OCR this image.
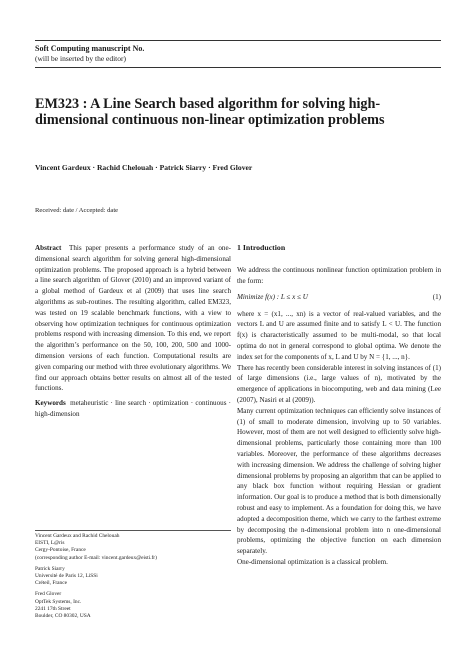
Soft Computing manuscript No.
(will be inserted by the editor)
EM323 : A Line Search based algorithm for solving high-dimensional continuous non-linear optimization problems
Vincent Gardeux · Rachid Chelouah · Patrick Siarry · Fred Glover
Received: date / Accepted: date

Abstract This paper presents a performance study of an one-dimensional search algorithm for solving general high-dimensional optimization problems. The proposed approach is a hybrid between a line search algorithm of Glover (2010) and an improved variant of a global method of Gardeux et al (2009) that uses line search algorithms as sub-routines. The resulting algorithm, called EM323, was tested on 19 scalable benchmark functions, with a view to observing how optimization techniques for continuous optimization problems respond with increasing dimension. To this end, we report the algorithm’s performance on the 50, 100, 200, 500 and 1000-dimension versions of each function. Computational results are given comparing our method with three evolutionary algorithms. We find our approach obtains better results on almost all of the tested functions.

Keywords metaheuristic · line search · optimization · continuous · high-dimension

Vincent Gardeux and Rachid Chelouah
EISTI, L@ris
Cergy-Pontoise, France
(corresponding author E-mail: vincent.gardeux@eisti.fr)
Patrick Siarry
Université de Paris 12, LiSSi
Créteil, France
Fred Glover
OptTek Systems, Inc.
2241 17th Street
Boulder, CO 80302, USA
1 Introduction

We address the continuous nonlinear function optimization problem in the form:

Minimize f(x) : L ≤ x ≤ U	(1)

where x = (x1, ..., xn) is a vector of real-valued variables, and the vectors L and U are assumed finite and to satisfy L < U. The function f(x) is characteristically assumed to be multi-modal, so that local optima do not in general correspond to global optima. We denote the index set for the components of x, L and U by N = {1, ..., n}.

There has recently been considerable interest in solving instances of (1) of large dimensions (i.e., large values of n), motivated by the emergence of applications in biocomputing, web and data mining (Lee (2007), Nasiri et al (2009)).

Many current optimization techniques can efficiently solve instances of (1) of small to moderate dimension, involving up to 50 variables. However, most of them are not well designed to efficiently solve high-dimensional problems, particularly those containing more than 100 variables. Moreover, the performance of these algorithms decreases with increasing dimension. We address the challenge of solving higher dimensional problems by proposing an algorithm that can be applied to any black box function without requiring Hessian or gradient information. Our goal is to produce a method that is both dimensionally robust and easy to implement. As a foundation for doing this, we have adopted a decomposition theme, which we carry to the farthest extreme by decomposing the n-dimensional problem into n one-dimensional problems, optimizing the objective function on each dimension separately.

One-dimensional optimization is a classical problem.
